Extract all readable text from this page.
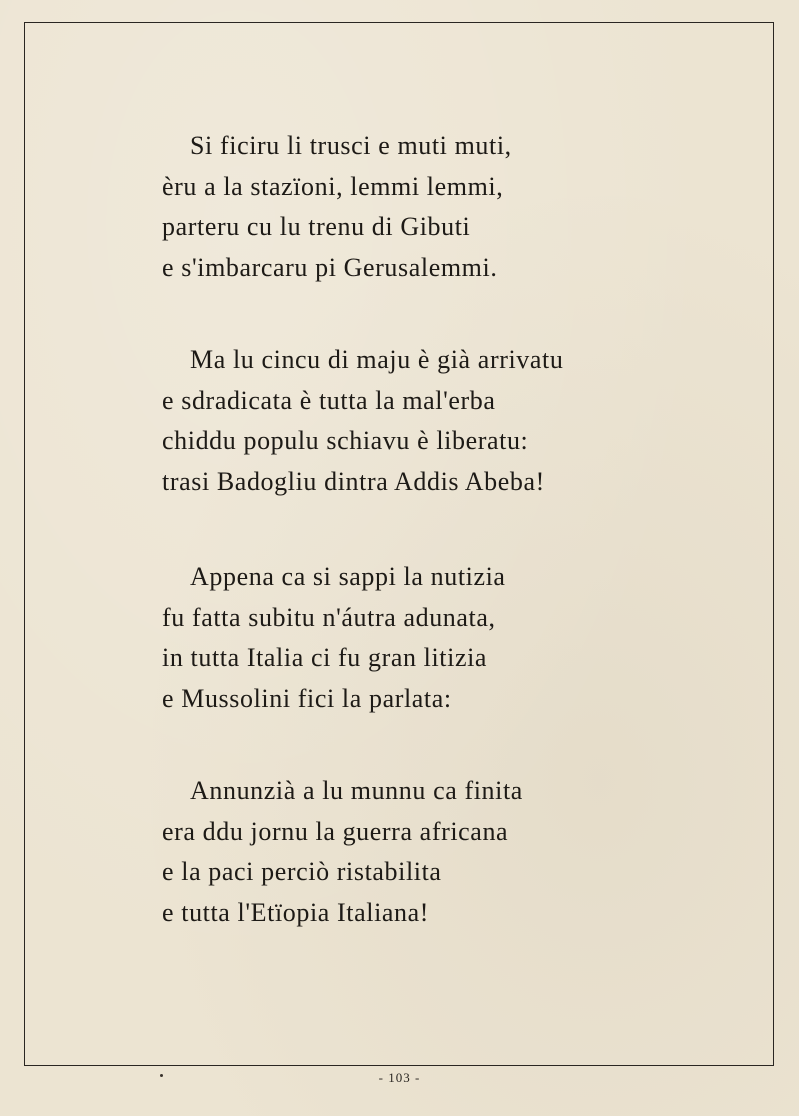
Si ficiru li trusci e muti muti,
èru a la stazïoni, lemmi lemmi,
parteru cu lu trenu di Gibuti
e s'imbarcaru pi Gerusalemmi.
Ma lu cincu di maju è già arrivatu
e sdradicata è tutta la mal'erba
chiddu populu schiavu è liberatu:
trasi Badogliu dintra Addis Abeba!
Appena ca si sappi la nutizia
fu fatta subitu n'áutra adunata,
in tutta Italia ci fu gran litizia
e Mussolini fici la parlata:
Annunzià a lu munnu ca finita
era ddu jornu la guerra africana
e la paci perciò ristabilita
e tutta l'Etïopia Italiana!
- 103 -
